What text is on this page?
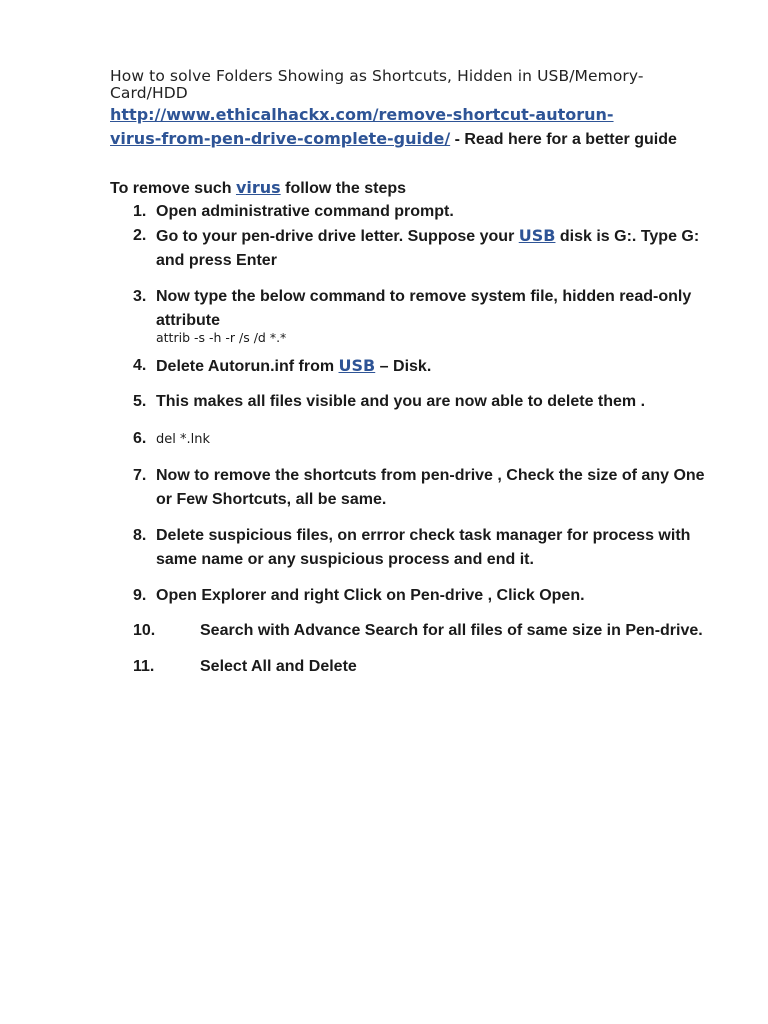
How to solve Folders Showing as Shortcuts, Hidden in USB/Memory-Card/HDD

http://www.ethicalhackx.com/remove-shortcut-autorun-
virus-from-pen-drive-complete-guide/ - Read here for a better guide

To remove such virus follow the steps

1. Open administrative command prompt.
2. Go to your pen-drive drive letter. Suppose your USB disk is G:. Type G: and press Enter
3. Now type the below command to remove system file, hidden read-only attribute
attrib -s -h -r /s /d *.*
4. Delete Autorun.inf from USB – Disk.
5. This makes all files visible and you are now able to delete them .
6. del *.lnk
7. Now to remove the shortcuts from pen-drive , Check the size of any One or Few Shortcuts, all be same.
8. Delete suspicious files, on errror check task manager for process with same name or any suspicious process and end it.
9. Open Explorer and right Click on Pen-drive , Click Open.
10.	Search with Advance Search for all files of same size in Pen-drive.
11.	Select All and Delete
